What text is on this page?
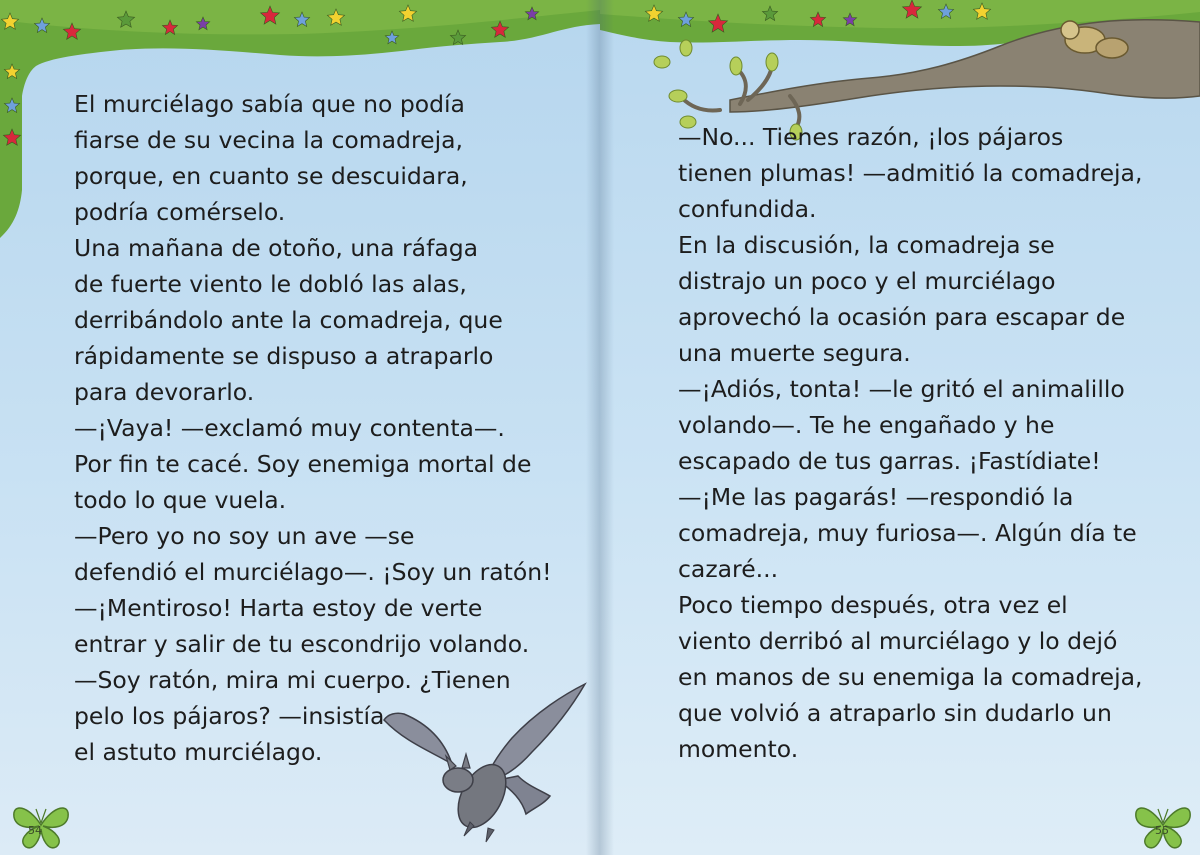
El murciélago sabía que no podía
fiarse de su vecina la comadreja,
porque, en cuanto se descuidara,
podría comérselo.
Una mañana de otoño, una ráfaga
de fuerte viento le dobló las alas,
derribándolo ante la comadreja, que
rápidamente se dispuso a atraparlo
para devorarlo.
—¡Vaya! —exclamó muy contenta—.
Por fin te cacé. Soy enemiga mortal de
todo lo que vuela.
—Pero yo no soy un ave —se
defendió el murciélago—. ¡Soy un ratón!
—¡Mentiroso! Harta estoy de verte
entrar y salir de tu escondrijo volando.
—Soy ratón, mira mi cuerpo. ¿Tienen
pelo los pájaros? —insistía
el astuto murciélago.
54
—No... Tienes razón, ¡los pájaros
tienen plumas! —admitió la comadreja,
confundida.
En la discusión, la comadreja se
distrajo un poco y el murciélago
aprovechó la ocasión para escapar de
una muerte segura.
—¡Adiós, tonta! —le gritó el animalillo
volando—. Te he engañado y he
escapado de tus garras. ¡Fastídiate!
—¡Me las pagarás! —respondió la
comadreja, muy furiosa—. Algún día te
cazaré...
Poco tiempo después, otra vez el
viento derribó al murciélago y lo dejó
en manos de su enemiga la comadreja,
que volvió a atraparlo sin dudarlo un
momento.
55
